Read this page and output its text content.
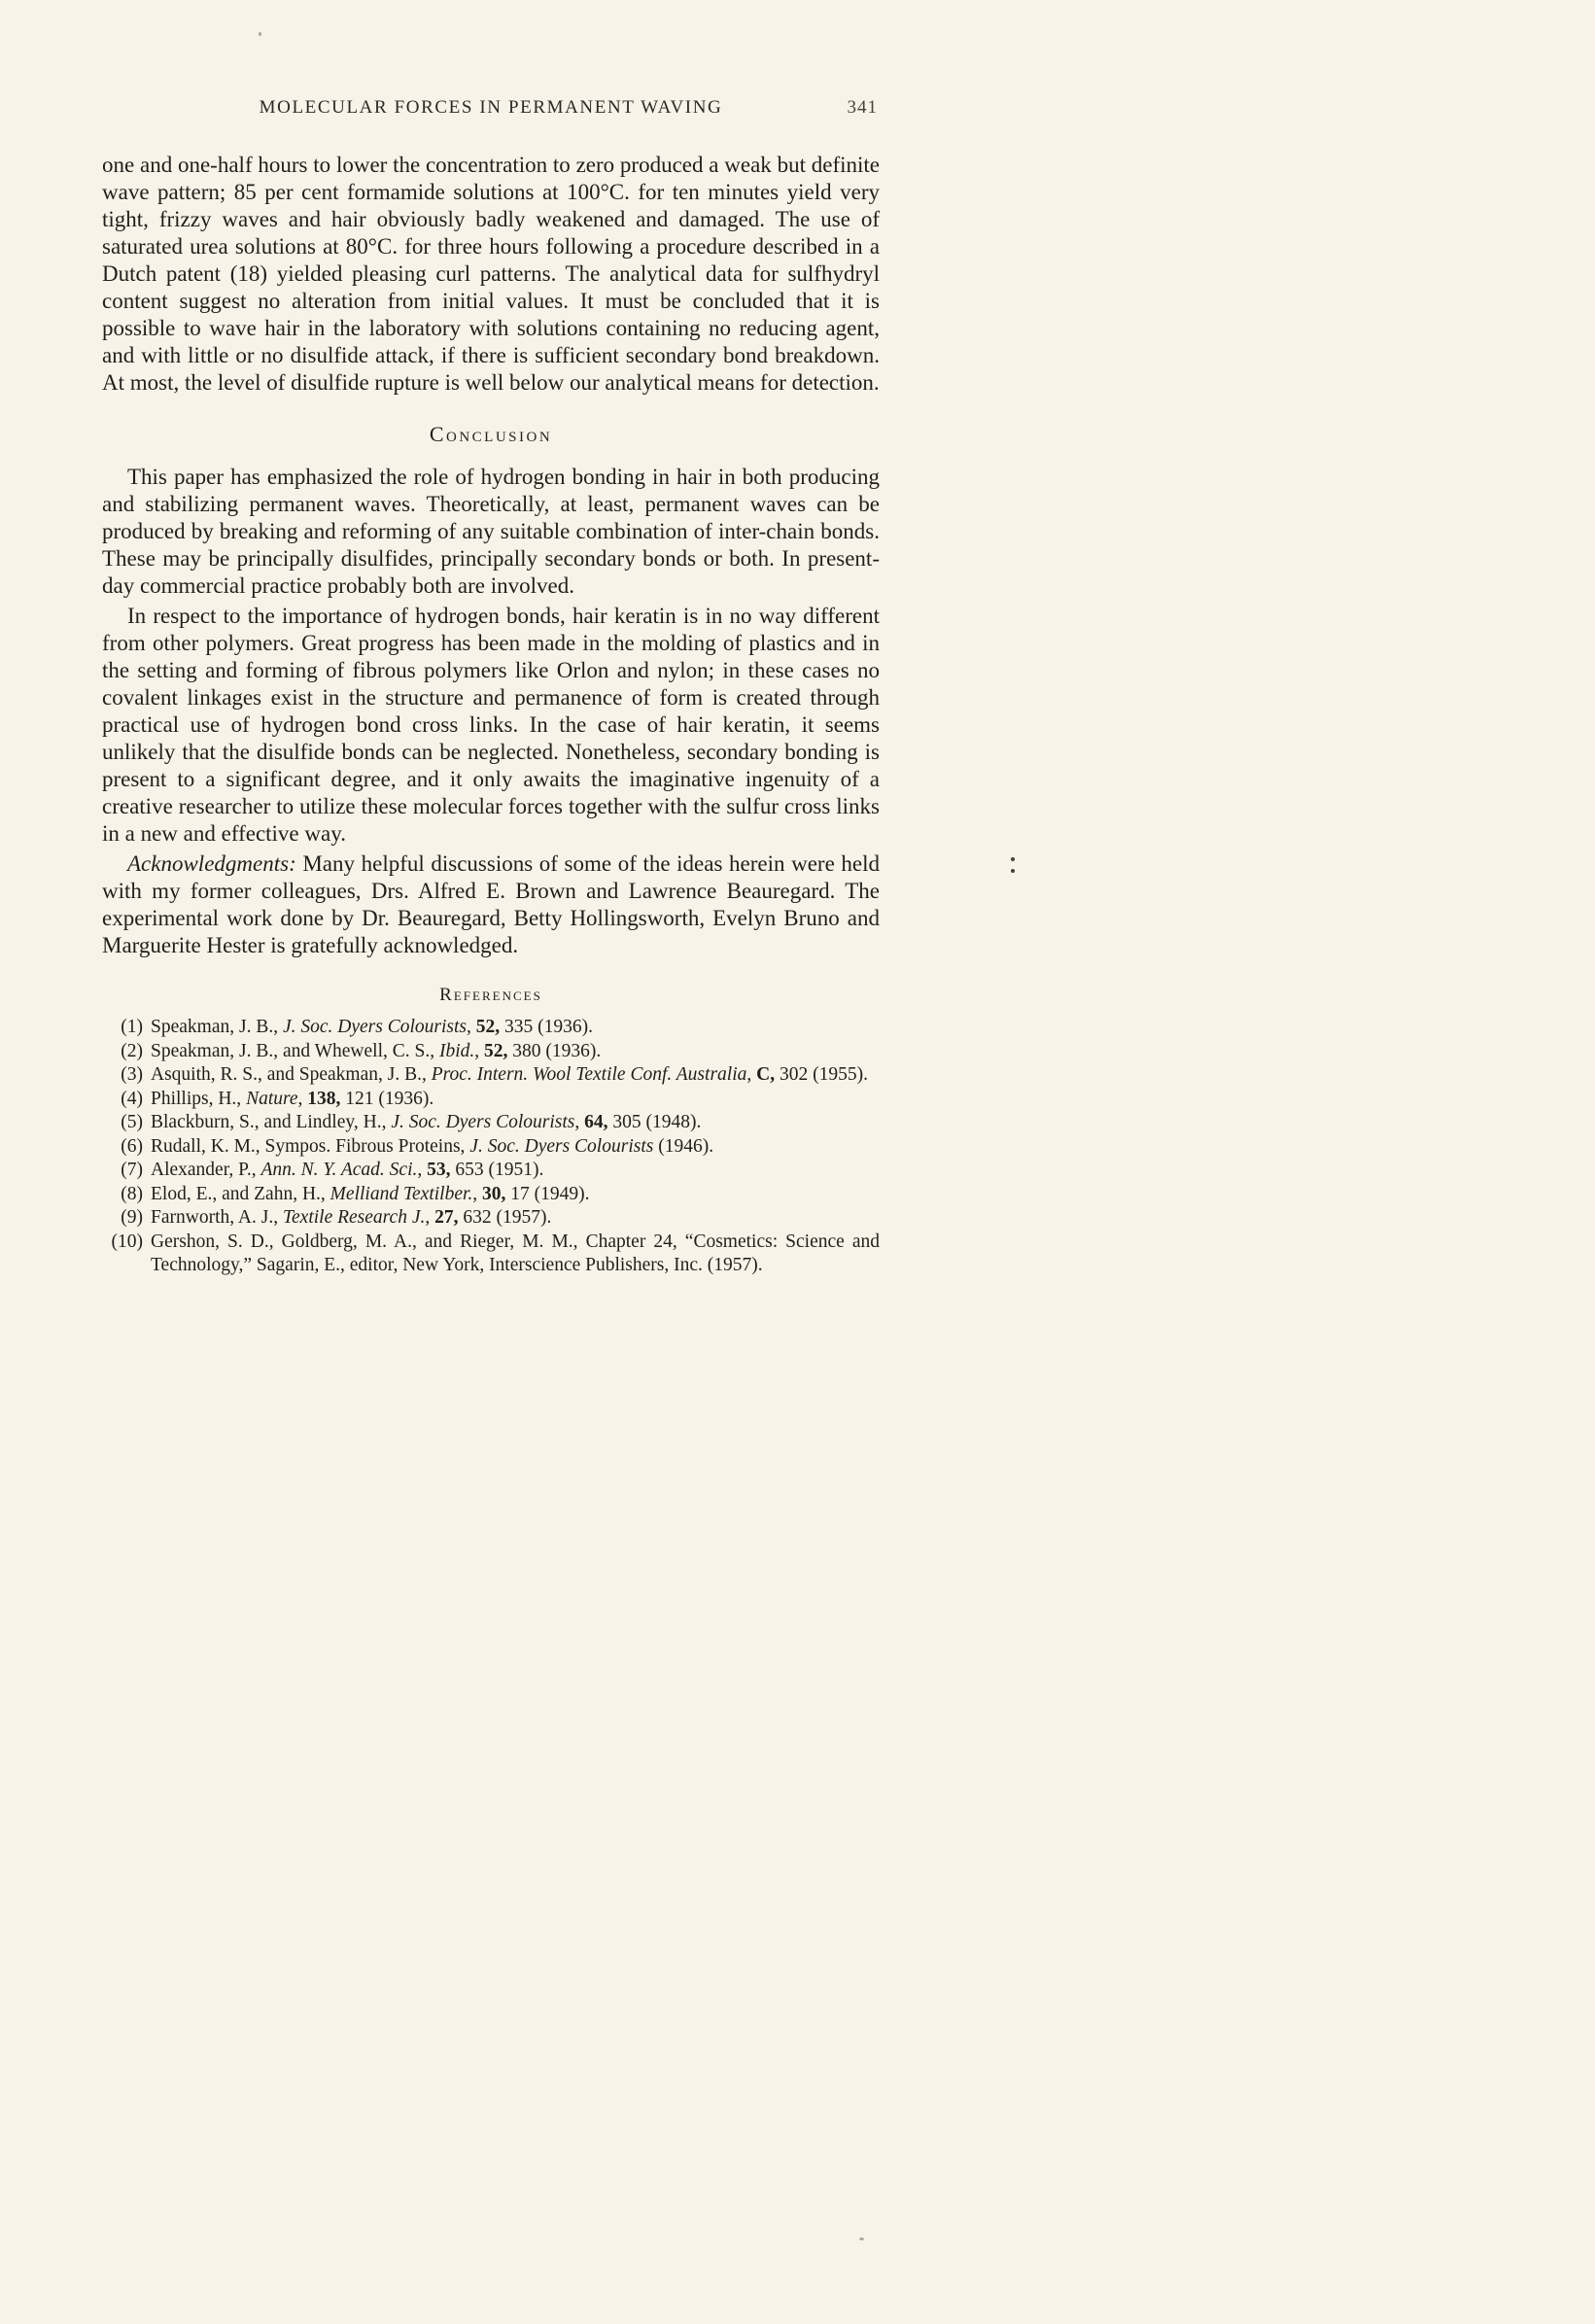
MOLECULAR FORCES IN PERMANENT WAVING	341

one and one-half hours to lower the concentration to zero produced a weak but definite wave pattern; 85 per cent formamide solutions at 100°C. for ten minutes yield very tight, frizzy waves and hair obviously badly weakened and damaged. The use of saturated urea solutions at 80°C. for three hours following a procedure described in a Dutch patent (18) yielded pleasing curl patterns. The analytical data for sulfhydryl content suggest no alteration from initial values. It must be concluded that it is possible to wave hair in the laboratory with solutions containing no reducing agent, and with little or no disulfide attack, if there is sufficient secondary bond breakdown. At most, the level of disulfide rupture is well below our analytical means for detection.

Conclusion

This paper has emphasized the role of hydrogen bonding in hair in both producing and stabilizing permanent waves. Theoretically, at least, permanent waves can be produced by breaking and reforming of any suitable combination of inter-chain bonds. These may be principally disulfides, principally secondary bonds or both. In present-day commercial practice probably both are involved.

In respect to the importance of hydrogen bonds, hair keratin is in no way different from other polymers. Great progress has been made in the molding of plastics and in the setting and forming of fibrous polymers like Orlon and nylon; in these cases no covalent linkages exist in the structure and permanence of form is created through practical use of hydrogen bond cross links. In the case of hair keratin, it seems unlikely that the disulfide bonds can be neglected. Nonetheless, secondary bonding is present to a significant degree, and it only awaits the imaginative ingenuity of a creative researcher to utilize these molecular forces together with the sulfur cross links in a new and effective way.

Acknowledgments: Many helpful discussions of some of the ideas herein were held with my former colleagues, Drs. Alfred E. Brown and Lawrence Beauregard. The experimental work done by Dr. Beauregard, Betty Hollingsworth, Evelyn Bruno and Marguerite Hester is gratefully acknowledged.

References
(1) Speakman, J. B., J. Soc. Dyers Colourists, 52, 335 (1936).
(2) Speakman, J. B., and Whewell, C. S., Ibid., 52, 380 (1936).
(3) Asquith, R. S., and Speakman, J. B., Proc. Intern. Wool Textile Conf. Australia, C, 302 (1955).
(4) Phillips, H., Nature, 138, 121 (1936).
(5) Blackburn, S., and Lindley, H., J. Soc. Dyers Colourists, 64, 305 (1948).
(6) Rudall, K. M., Sympos. Fibrous Proteins, J. Soc. Dyers Colourists (1946).
(7) Alexander, P., Ann. N. Y. Acad. Sci., 53, 653 (1951).
(8) Elod, E., and Zahn, H., Melliand Textilber., 30, 17 (1949).
(9) Farnworth, A. J., Textile Research J., 27, 632 (1957).
(10) Gershon, S. D., Goldberg, M. A., and Rieger, M. M., Chapter 24, “Cosmetics: Science and Technology,” Sagarin, E., editor, New York, Interscience Publishers, Inc. (1957).
